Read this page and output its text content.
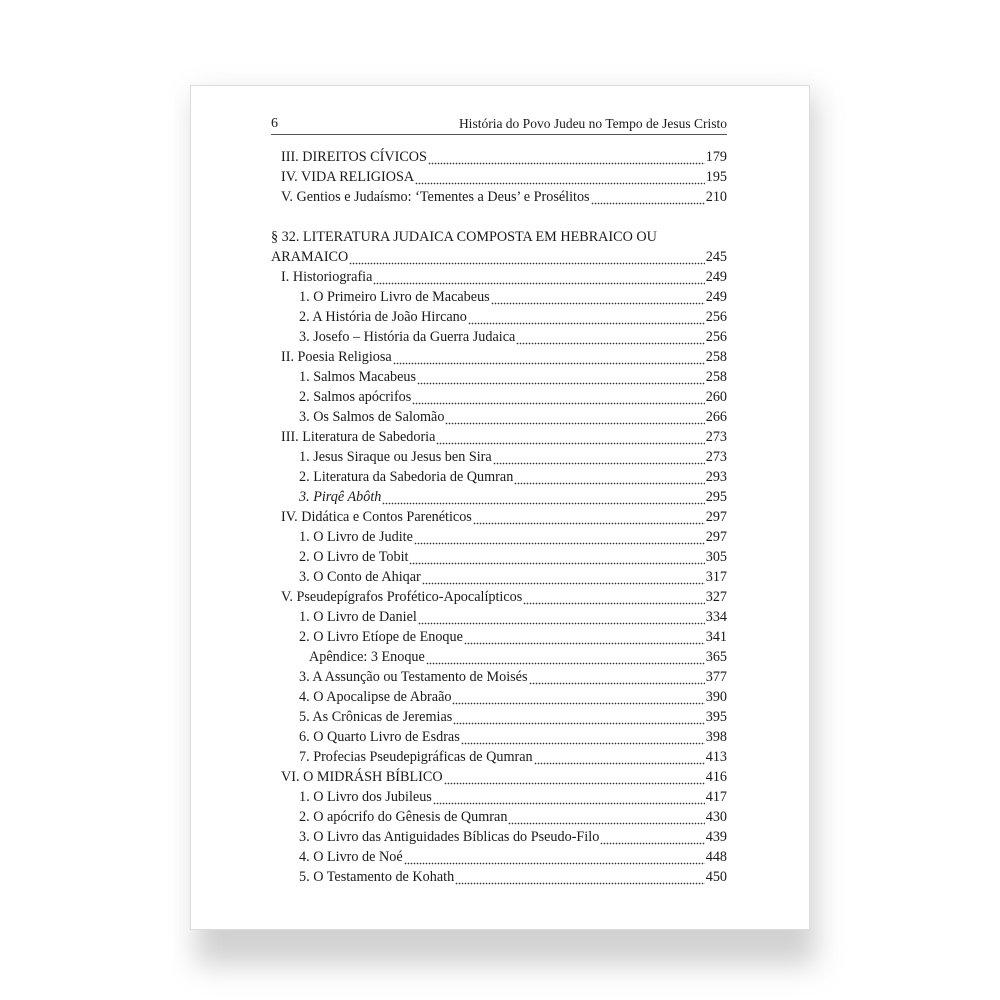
6	História do Povo Judeu no Tempo de Jesus Cristo
III. DIREITOS CÍVICOS	179
IV. VIDA RELIGIOSA	195
V. Gentios e Judaísmo: ‘Tementes a Deus’ e Prosélitos	210
§ 32. LITERATURA JUDAICA COMPOSTA EM HEBRAICO OU
ARAMAICO	245
I. Historiografia	249
1. O Primeiro Livro de Macabeus	249
2. A História de João Hircano	256
3. Josefo – História da Guerra Judaica	256
II. Poesia Religiosa	258
1. Salmos Macabeus	258
2. Salmos apócrifos	260
3. Os Salmos de Salomão	266
III. Literatura de Sabedoria	273
1. Jesus Siraque ou Jesus ben Sira	273
2. Literatura da Sabedoria de Qumran	293
3. Pirqê Abôth	295
IV. Didática e Contos Parenéticos	297
1. O Livro de Judite	297
2. O Livro de Tobit	305
3. O Conto de Ahiqar	317
V. Pseudepígrafos Profético-Apocalípticos	327
1. O Livro de Daniel	334
2. O Livro Etíope de Enoque	341
Apêndice: 3 Enoque	365
3. A Assunção ou Testamento de Moisés	377
4. O Apocalipse de Abraão	390
5. As Crônicas de Jeremias	395
6. O Quarto Livro de Esdras	398
7. Profecias Pseudepigráficas de Qumran	413
VI. O MIDRÁSH BÍBLICO	416
1. O Livro dos Jubileus	417
2. O apócrifo do Gênesis de Qumran	430
3. O Livro das Antiguidades Bíblicas do Pseudo-Filo	439
4. O Livro de Noé	448
5. O Testamento de Kohath	450
